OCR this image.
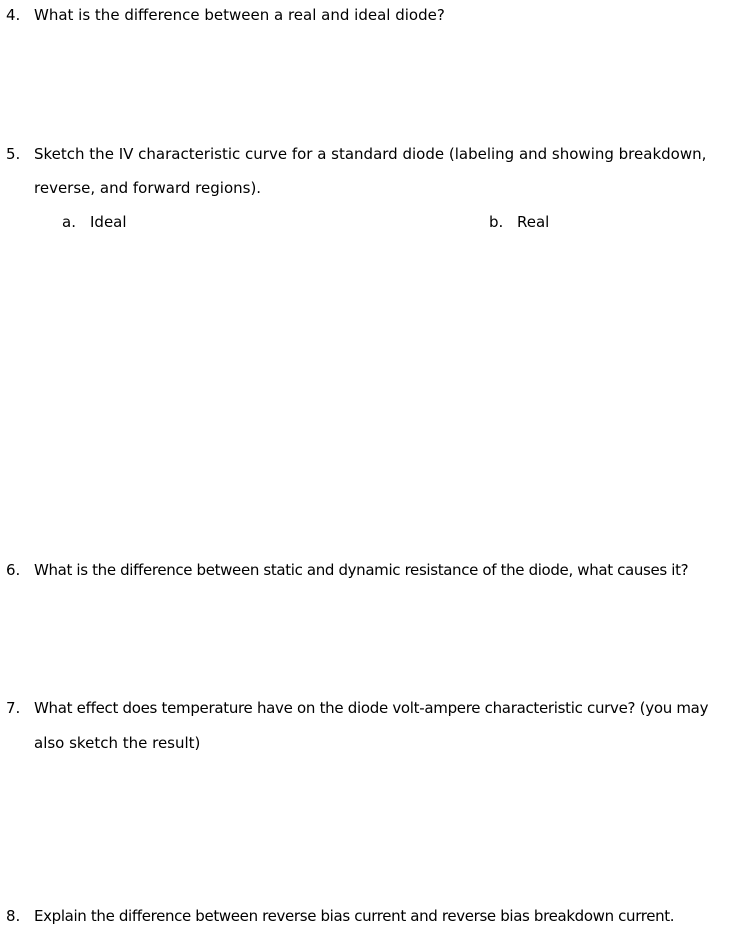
4. What is the difference between a real and ideal diode?
5. Sketch the IV characteristic curve for a standard diode (labeling and showing breakdown,
reverse, and forward regions).
a. Ideal	b. Real
6. What is the difference between static and dynamic resistance of the diode, what causes it?
7. What effect does temperature have on the diode volt-ampere characteristic curve? (you may
also sketch the result)
8. Explain the difference between reverse bias current and reverse bias breakdown current.
